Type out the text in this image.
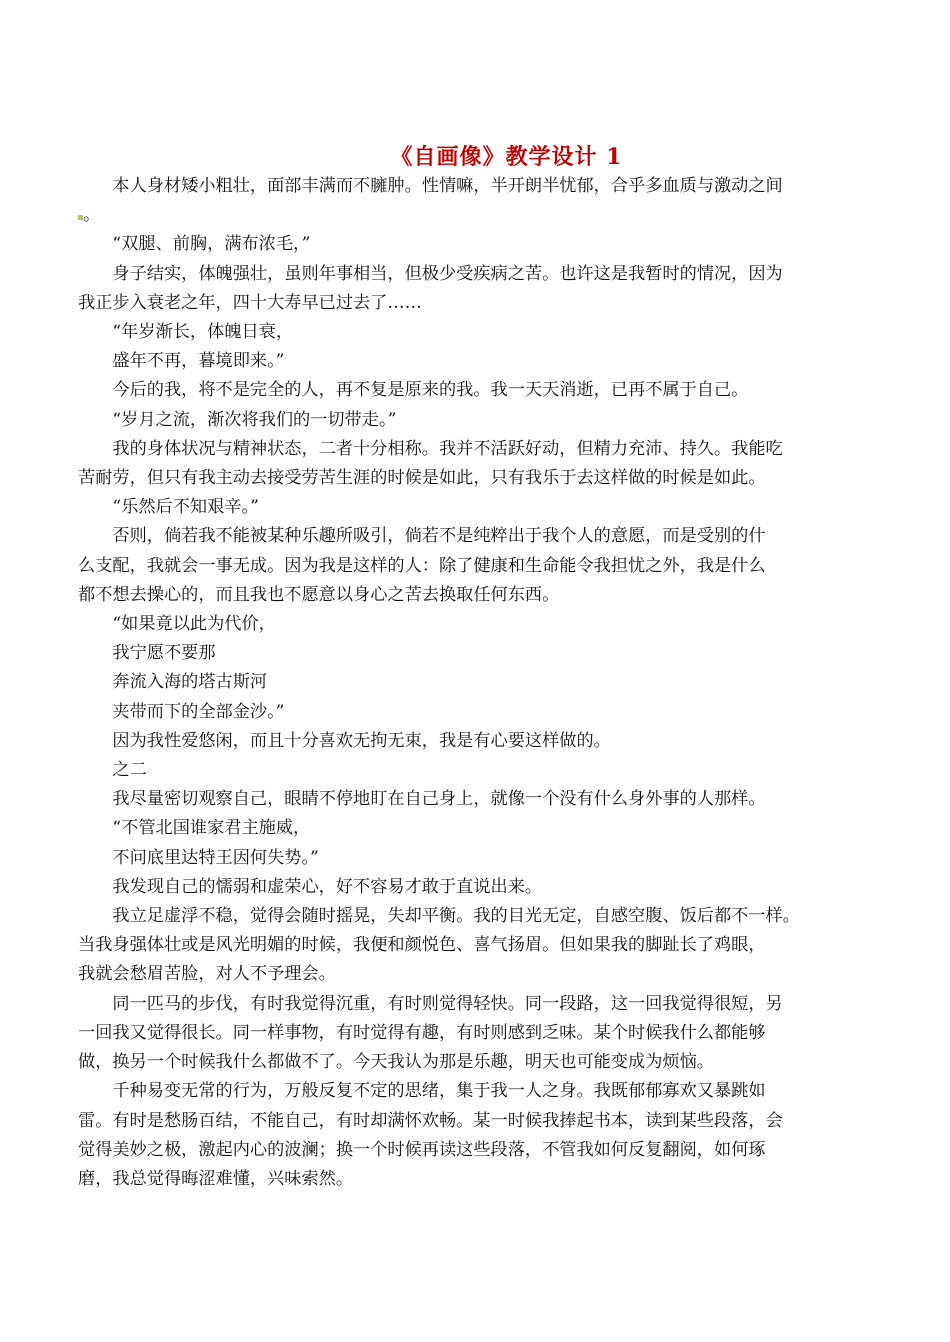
《自画像》教学设计 1
本人身材矮小粗壮，面部丰满而不臃肿。性情嘛，半开朗半忧郁，合乎多血质与激动之间
。
“双腿、前胸，满布浓毛，”
身子结实，体魄强壮，虽则年事相当，但极少受疾病之苦。也许这是我暂时的情况，因为
我正步入衰老之年，四十大寿早已过去了……
“年岁渐长，体魄日衰，
盛年不再，暮境即来。”
今后的我，将不是完全的人，再不复是原来的我。我一天天消逝，已再不属于自己。
“岁月之流，渐次将我们的一切带走。”
我的身体状况与精神状态，二者十分相称。我并不活跃好动，但精力充沛、持久。我能吃
苦耐劳，但只有我主动去接受劳苦生涯的时候是如此，只有我乐于去这样做的时候是如此。
“乐然后不知艰辛。”
否则，倘若我不能被某种乐趣所吸引，倘若不是纯粹出于我个人的意愿，而是受别的什
么支配，我就会一事无成。因为我是这样的人：除了健康和生命能令我担忧之外，我是什么
都不想去操心的，而且我也不愿意以身心之苦去换取任何东西。
“如果竟以此为代价，
我宁愿不要那
奔流入海的塔古斯河
夹带而下的全部金沙。”
因为我性爱悠闲，而且十分喜欢无拘无束，我是有心要这样做的。
之二
我尽量密切观察自己，眼睛不停地盯在自己身上，就像一个没有什么身外事的人那样。
“不管北国谁家君主施威，
不问底里达特王因何失势。”
我发现自己的懦弱和虚荣心，好不容易才敢于直说出来。
我立足虚浮不稳，觉得会随时摇晃，失却平衡。我的目光无定，自感空腹、饭后都不一样。
当我身强体壮或是风光明媚的时候，我便和颜悦色、喜气扬眉。但如果我的脚趾长了鸡眼，
我就会愁眉苦脸，对人不予理会。
同一匹马的步伐，有时我觉得沉重，有时则觉得轻快。同一段路，这一回我觉得很短，另
一回我又觉得很长。同一样事物，有时觉得有趣，有时则感到乏味。某个时候我什么都能够
做，换另一个时候我什么都做不了。今天我认为那是乐趣，明天也可能变成为烦恼。
千种易变无常的行为，万般反复不定的思绪，集于我一人之身。我既郁郁寡欢又暴跳如
雷。有时是愁肠百结，不能自己，有时却满怀欢畅。某一时候我捧起书本，读到某些段落，会
觉得美妙之极，激起内心的波澜；换一个时候再读这些段落，不管我如何反复翻阅，如何琢
磨，我总觉得晦涩难懂，兴味索然。
